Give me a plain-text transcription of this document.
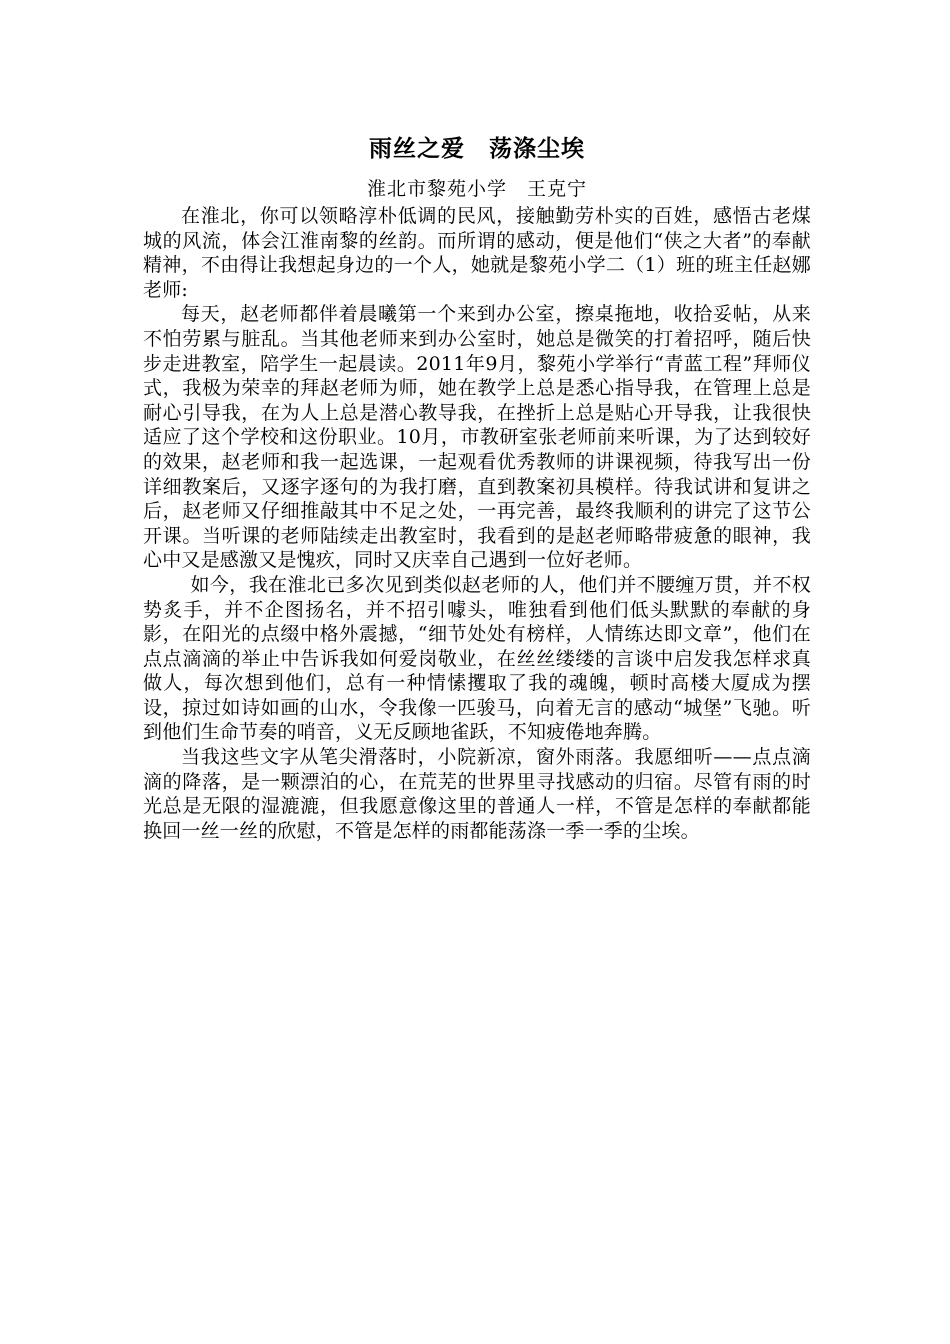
雨丝之爱　荡涤尘埃

淮北市黎苑小学　王克宁

在淮北，你可以领略淳朴低调的民风，接触勤劳朴实的百姓，感悟古老煤城的风流，体会江淮南黎的丝韵。而所谓的感动，便是他们“侠之大者”的奉献精神，不由得让我想起身边的一个人，她就是黎苑小学二（1）班的班主任赵娜老师:

每天，赵老师都伴着晨曦第一个来到办公室，擦桌拖地，收拾妥帖，从来不怕劳累与脏乱。当其他老师来到办公室时，她总是微笑的打着招呼，随后快步走进教室，陪学生一起晨读。2011年9月，黎苑小学举行“青蓝工程”拜师仪式，我极为荣幸的拜赵老师为师，她在教学上总是悉心指导我，在管理上总是耐心引导我，在为人上总是潜心教导我，在挫折上总是贴心开导我，让我很快适应了这个学校和这份职业。10月，市教研室张老师前来听课，为了达到较好的效果，赵老师和我一起选课，一起观看优秀教师的讲课视频，待我写出一份详细教案后，又逐字逐句的为我打磨，直到教案初具模样。待我试讲和复讲之后，赵老师又仔细推敲其中不足之处，一再完善，最终我顺利的讲完了这节公开课。当听课的老师陆续走出教室时，我看到的是赵老师略带疲惫的眼神，我心中又是感激又是愧疚，同时又庆幸自己遇到一位好老师。

如今，我在淮北已多次见到类似赵老师的人，他们并不腰缠万贯，并不权势炙手，并不企图扬名，并不招引噱头，唯独看到他们低头默默的奉献的身影，在阳光的点缀中格外震撼，“细节处处有榜样，人情练达即文章”，他们在点点滴滴的举止中告诉我如何爱岗敬业，在丝丝缕缕的言谈中启发我怎样求真做人，每次想到他们，总有一种情愫攫取了我的魂魄，顿时高楼大厦成为摆设，掠过如诗如画的山水，令我像一匹骏马，向着无言的感动“城堡”飞驰。听到他们生命节奏的哨音，义无反顾地雀跃，不知疲倦地奔腾。

当我这些文字从笔尖滑落时，小院新凉，窗外雨落。我愿细听——点点滴滴的降落，是一颗漂泊的心，在荒芜的世界里寻找感动的归宿。尽管有雨的时光总是无限的湿漉漉，但我愿意像这里的普通人一样，不管是怎样的奉献都能换回一丝一丝的欣慰，不管是怎样的雨都能荡涤一季一季的尘埃。
